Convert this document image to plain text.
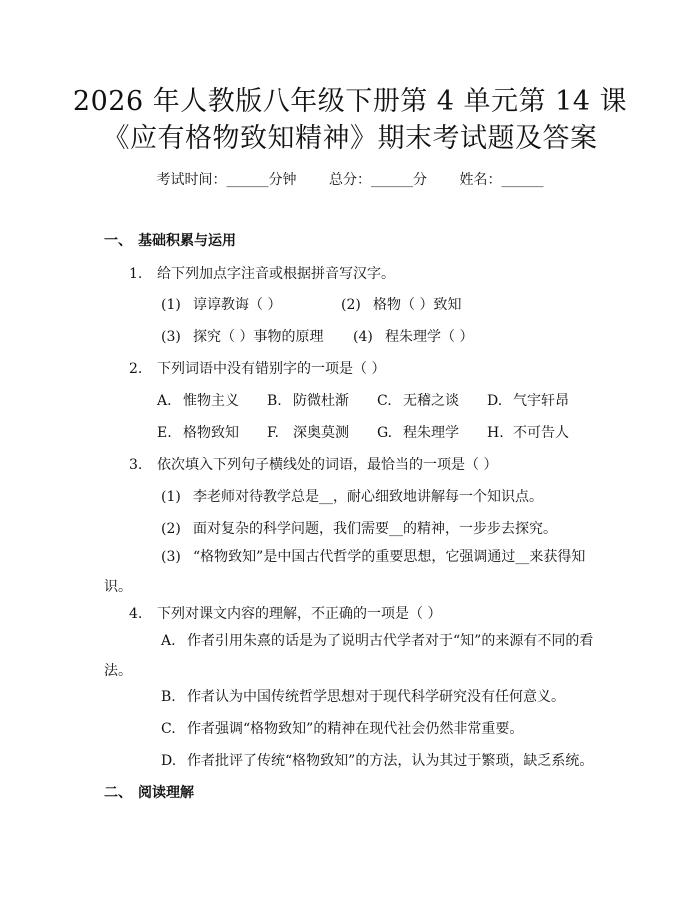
2026 年人教版八年级下册第 4 单元第 14 课
《应有格物致知精神》期末考试题及答案
考试时间：______分钟 总分：______分 姓名：______
一、 基础积累与运用
1. 给下列加点字注音或根据拼音写汉字。
(1) 谆谆教诲（ ）	(2) 格物（ ）致知
(3) 探究（ ）事物的原理 (4) 程朱理学（ ）
2. 下列词语中没有错别字的一项是（ ）
A. 惟物主义 B. 防微杜渐 C. 无稽之谈 D. 气宇轩昂
E. 格物致知 F. 深奥莫测 G. 程朱理学 H. 不可告人
3. 依次填入下列句子横线处的词语，最恰当的一项是（ ）
(1) 李老师对待教学总是__，耐心细致地讲解每一个知识点。
(2) 面对复杂的科学问题，我们需要__的精神，一步步去探究。
(3) “格物致知”是中国古代哲学的重要思想，它强调通过__来获得知识。
4. 下列对课文内容的理解，不正确的一项是（ ）
A. 作者引用朱熹的话是为了说明古代学者对于“知”的来源有不同的看法。
B. 作者认为中国传统哲学思想对于现代科学研究没有任何意义。
C. 作者强调“格物致知”的精神在现代社会仍然非常重要。
D. 作者批评了传统“格物致知”的方法，认为其过于繁琐，缺乏系统。
二、 阅读理解
